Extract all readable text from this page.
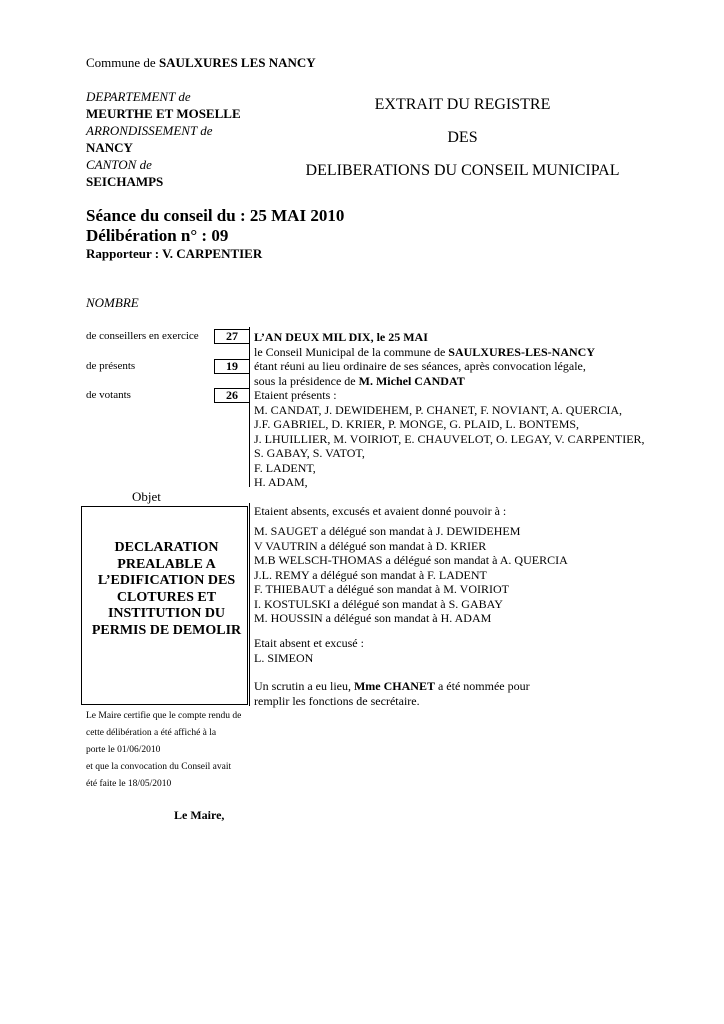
Commune de SAULXURES LES NANCY
DEPARTEMENT de
MEURTHE ET MOSELLE
ARRONDISSEMENT de
NANCY
CANTON de
SEICHAMPS
EXTRAIT DU REGISTRE
DES
DELIBERATIONS DU CONSEIL MUNICIPAL
Séance du conseil du : 25 MAI 2010
Délibération n° : 09
Rapporteur : V. CARPENTIER
NOMBRE
de conseillers en exercice	27
de présents	19
de votants	26
Objet
DECLARATION
PREALABLE A
L’EDIFICATION DES
CLOTURES ET
INSTITUTION DU
PERMIS DE DEMOLIR
L’AN DEUX MIL DIX, le 25 MAI
le Conseil Municipal de la commune de SAULXURES-LES-NANCY
étant réuni au lieu ordinaire de ses séances, après convocation légale,
sous la présidence de M. Michel CANDAT
Etaient présents :
M. CANDAT, J. DEWIDEHEM, P. CHANET, F. NOVIANT, A. QUERCIA,
J.F. GABRIEL, D. KRIER, P. MONGE, G. PLAID, L. BONTEMS,
J. LHUILLIER, M. VOIRIOT, E. CHAUVELOT, O. LEGAY, V. CARPENTIER,
S. GABAY, S. VATOT,
F. LADENT,
H. ADAM,
Etaient absents, excusés et avaient donné pouvoir à :
M. SAUGET a délégué son mandat à J. DEWIDEHEM
V VAUTRIN a délégué son mandat à D. KRIER
M.B WELSCH-THOMAS a délégué son mandat à A. QUERCIA
J.L. REMY a délégué son mandat à F. LADENT
F. THIEBAUT a délégué son mandat à M. VOIRIOT
I. KOSTULSKI a délégué son mandat à S. GABAY
M. HOUSSIN a délégué son mandat à H. ADAM
Etait absent et excusé :
L. SIMEON
Un scrutin a eu lieu, Mme CHANET a été nommée pour
remplir les fonctions de secrétaire.
Le Maire certifie que le compte rendu de
cette délibération a été affiché à la
porte le 01/06/2010
et que la convocation du Conseil avait
été faite le 18/05/2010
Le Maire,
